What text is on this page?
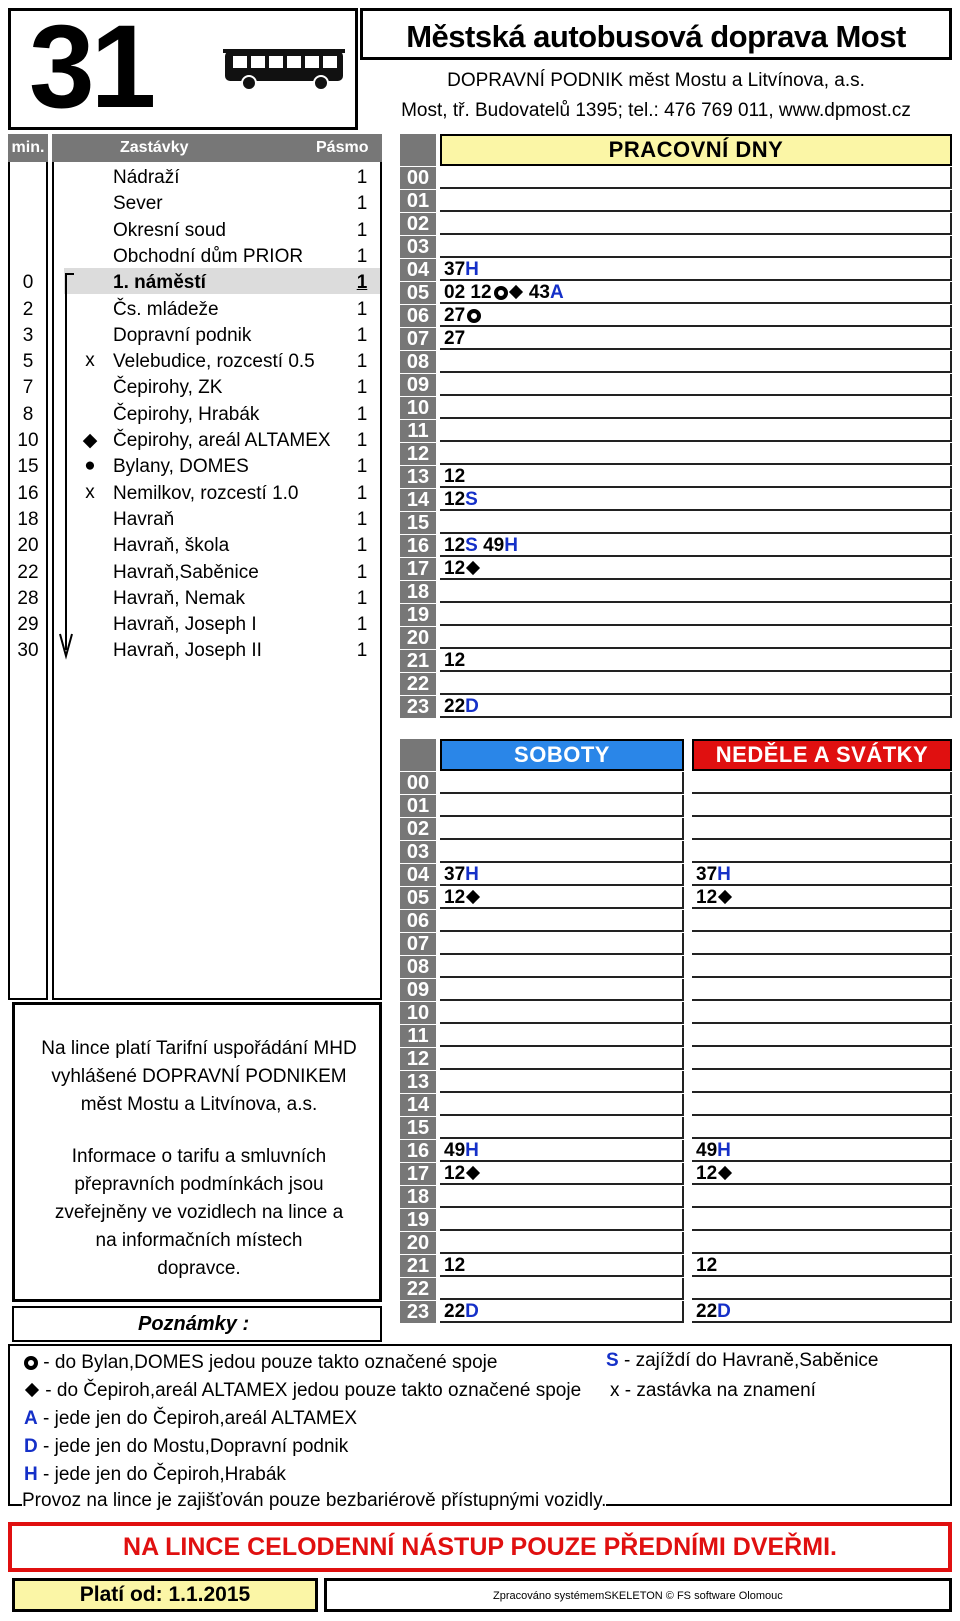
31	Městská autobusová doprava Most
DOPRAVNÍ PODNIK měst Mostu a Litvínova, a.s.
Most, tř. Budovatelů 1395; tel.: 476 769 011, www.dpmost.cz
min.	Zastávky	Pásmo
Nádraží	1
Sever	1
Okresní soud	1
Obchodní dům PRIOR	1
0	1. náměstí	1
2	Čs. mládeže	1
3	Dopravní podnik	1
5	x Velebudice, rozcestí 0.5 1
7	Čepirohy, ZK	1
8	Čepirohy, Hrabák	1
10	◆ Čepirohy, areál ALTAMEX 1
15	● Bylany, DOMES	1
16	x Nemilkov, rozcestí 1.0	1
18	Havraň	1
20	Havraň, škola	1
22	Havraň,Saběnice	1
28	Havraň, Nemak	1
29	Havraň, Joseph I	1
30	Havraň, Joseph II	1
Na lince platí Tarifní uspořádání MHD vyhlášené DOPRAVNÍ PODNIKEM měst Mostu a Litvínova, a.s.
Informace o tarifu a smluvních přepravních podmínkách jsou zveřejněny ve vozidlech na lince a na informačních místech dopravce.
Poznámky :
PRACOVNÍ DNY
00
01
02
03
04 37H
05 02 12 43A
06 27
07 27
08
09
10
11
12
13 12
14 12S
15
16 12S 49H
17 12
18
19
20
21 12
22
23 22D
SOBOTY	NEDĚLE A SVÁTKY
00
01
02
03
04 37H	37H
05 12	12
06
07
08
09
10
11
12
13
14
15
16 49H	49H
17 12	12
18
19
20
21 12	12
22
23 22D	22D
- do Bylan,DOMES jedou pouze takto označené spoje
- do Čepiroh,areál ALTAMEX jedou pouze takto označené spoje
A - jede jen do Čepiroh,areál ALTAMEX
D - jede jen do Mostu,Dopravní podnik
H - jede jen do Čepiroh,Hrabák
S - zajíždí do Havraně,Saběnice
x - zastávka na znamení
Provoz na lince je zajišťován pouze bezbariérově přístupnými vozidly.
NA LINCE CELODENNÍ NÁSTUP POUZE PŘEDNÍMI DVEŘMI.
Platí od: 1.1.2015	Zpracováno systémemSKELETON © FS software Olomouc
